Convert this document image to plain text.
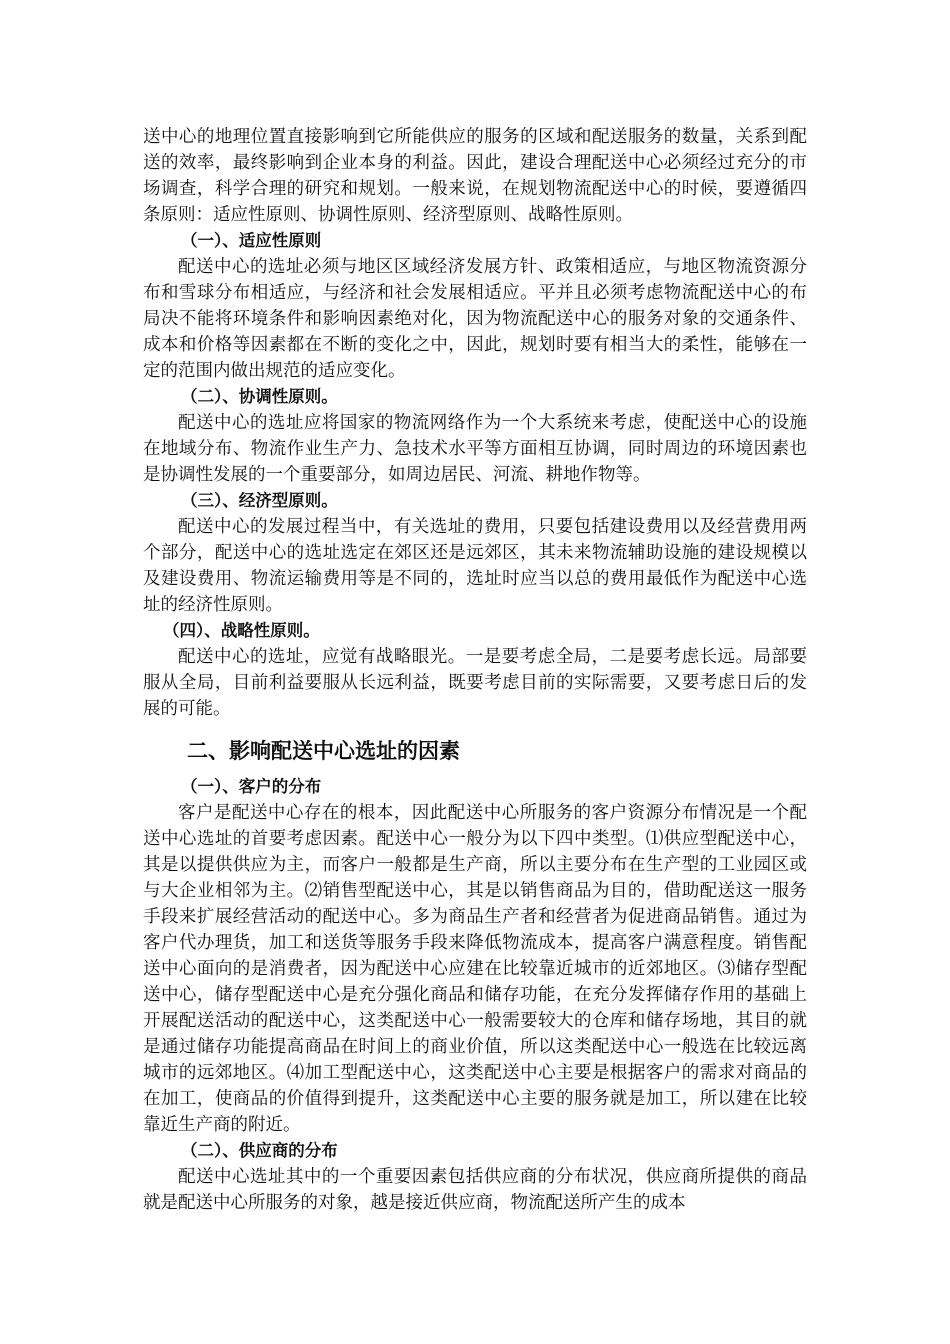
送中心的地理位置直接影响到它所能供应的服务的区域和配送服务的数量，关系到配送的效率，最终影响到企业本身的利益。因此，建设合理配送中心必须经过充分的市场调查，科学合理的研究和规划。一般来说，在规划物流配送中心的时候，要遵循四条原则：适应性原则、协调性原则、经济型原则、战略性原则。

（一）、适应性原则

配送中心的选址必须与地区区域经济发展方针、政策相适应，与地区物流资源分布和雪球分布相适应，与经济和社会发展相适应。平并且必须考虑物流配送中心的布局决不能将环境条件和影响因素绝对化，因为物流配送中心的服务对象的交通条件、成本和价格等因素都在不断的变化之中，因此，规划时要有相当大的柔性，能够在一定的范围内做出规范的适应变化。

（二）、协调性原则。

配送中心的选址应将国家的物流网络作为一个大系统来考虑，使配送中心的设施在地域分布、物流作业生产力、急技术水平等方面相互协调，同时周边的环境因素也是协调性发展的一个重要部分，如周边居民、河流、耕地作物等。

（三）、经济型原则。

配送中心的发展过程当中，有关选址的费用，只要包括建设费用以及经营费用两个部分，配送中心的选址选定在郊区还是远郊区，其未来物流辅助设施的建设规模以及建设费用、物流运输费用等是不同的，选址时应当以总的费用最低作为配送中心选址的经济性原则。

（四）、战略性原则。

配送中心的选址，应觉有战略眼光。一是要考虑全局，二是要考虑长远。局部要服从全局，目前利益要服从长远利益，既要考虑目前的实际需要，又要考虑日后的发展的可能。

二、影响配送中心选址的因素
（一）、客户的分布

客户是配送中心存在的根本，因此配送中心所服务的客户资源分布情况是一个配送中心选址的首要考虑因素。配送中心一般分为以下四中类型。⑴供应型配送中心，其是以提供供应为主，而客户一般都是生产商，所以主要分布在生产型的工业园区或与大企业相邻为主。⑵销售型配送中心，其是以销售商品为目的，借助配送这一服务手段来扩展经营活动的配送中心。多为商品生产者和经营者为促进商品销售。通过为客户代办理货，加工和送货等服务手段来降低物流成本，提高客户满意程度。销售配送中心面向的是消费者，因为配送中心应建在比较靠近城市的近郊地区。⑶储存型配送中心，储存型配送中心是充分强化商品和储存功能，在充分发挥储存作用的基础上开展配送活动的配送中心，这类配送中心一般需要较大的仓库和储存场地，其目的就是通过储存功能提高商品在时间上的商业价值，所以这类配送中心一般选在比较远离城市的远郊地区。⑷加工型配送中心，这类配送中心主要是根据客户的需求对商品的在加工，使商品的价值得到提升，这类配送中心主要的服务就是加工，所以建在比较靠近生产商的附近。

（二）、供应商的分布

配送中心选址其中的一个重要因素包括供应商的分布状况，供应商所提供的商品就是配送中心所服务的对象，越是接近供应商，物流配送所产生的成本
